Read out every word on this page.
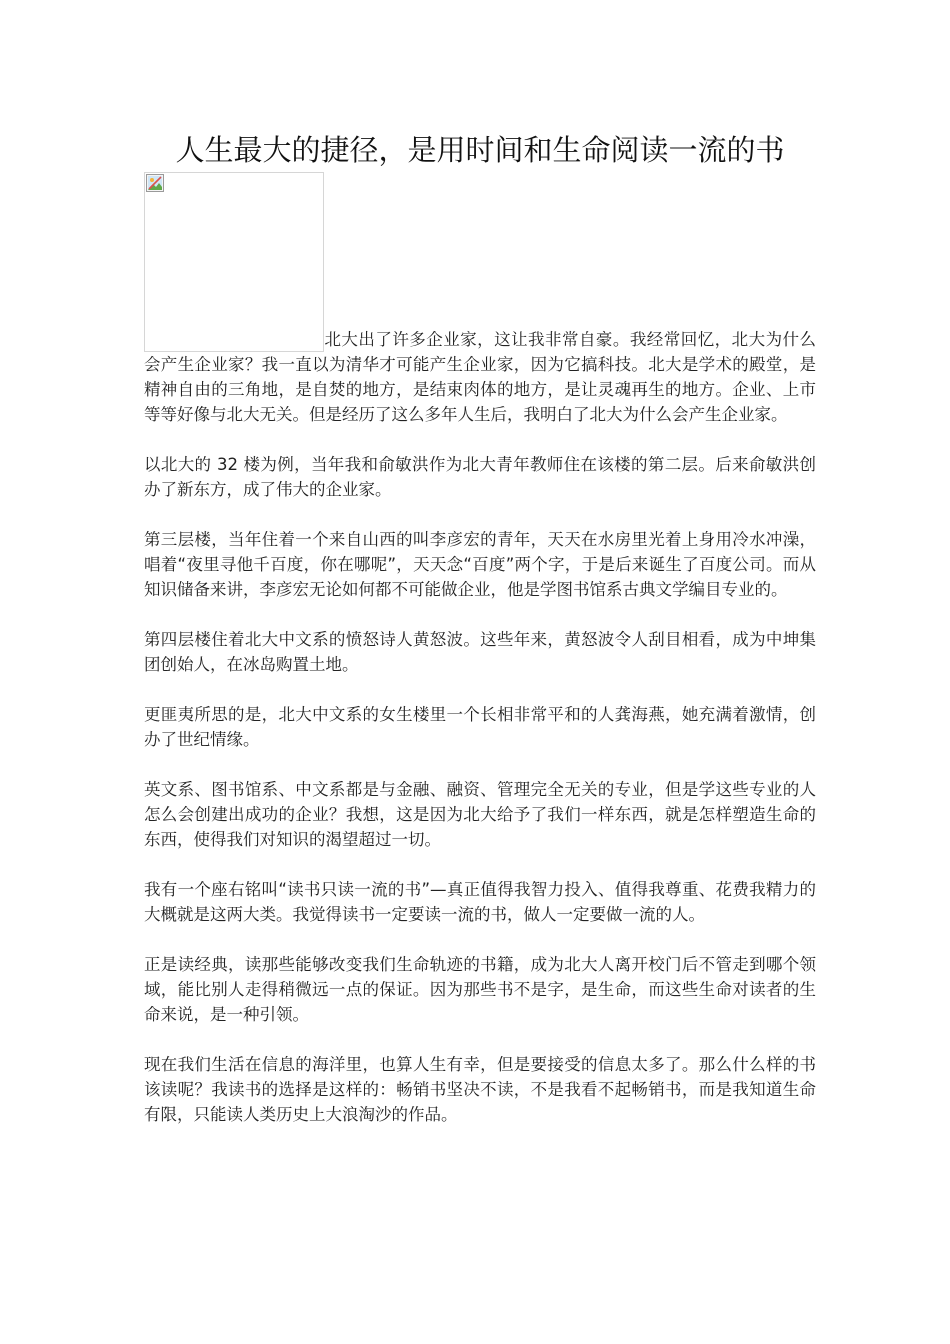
人生最大的捷径，是用时间和生命阅读一流的书

北大出了许多企业家，这让我非常自豪。我经常回忆，北大为什么会产生企业家？我一直以为清华才可能产生企业家，因为它搞科技。北大是学术的殿堂，是精神自由的三角地，是自焚的地方，是结束肉体的地方，是让灵魂再生的地方。企业、上市等等好像与北大无关。但是经历了这么多年人生后，我明白了北大为什么会产生企业家。

以北大的 32 楼为例，当年我和俞敏洪作为北大青年教师住在该楼的第二层。后来俞敏洪创办了新东方，成了伟大的企业家。

第三层楼，当年住着一个来自山西的叫李彦宏的青年，天天在水房里光着上身用冷水冲澡，唱着“夜里寻他千百度，你在哪呢”，天天念“百度”两个字，于是后来诞生了百度公司。而从知识储备来讲，李彦宏无论如何都不可能做企业，他是学图书馆系古典文学编目专业的。

第四层楼住着北大中文系的愤怒诗人黄怒波。这些年来，黄怒波令人刮目相看，成为中坤集团创始人，在冰岛购置土地。

更匪夷所思的是，北大中文系的女生楼里一个长相非常平和的人龚海燕，她充满着激情，创办了世纪情缘。

英文系、图书馆系、中文系都是与金融、融资、管理完全无关的专业，但是学这些专业的人怎么会创建出成功的企业？我想，这是因为北大给予了我们一样东西，就是怎样塑造生命的东西，使得我们对知识的渴望超过一切。

我有一个座右铭叫“读书只读一流的书”—真正值得我智力投入、值得我尊重、花费我精力的大概就是这两大类。我觉得读书一定要读一流的书，做人一定要做一流的人。

正是读经典，读那些能够改变我们生命轨迹的书籍，成为北大人离开校门后不管走到哪个领域，能比别人走得稍微远一点的保证。因为那些书不是字，是生命，而这些生命对读者的生命来说，是一种引领。

现在我们生活在信息的海洋里，也算人生有幸，但是要接受的信息太多了。那么什么样的书该读呢？我读书的选择是这样的：畅销书坚决不读，不是我看不起畅销书，而是我知道生命有限，只能读人类历史上大浪淘沙的作品。
